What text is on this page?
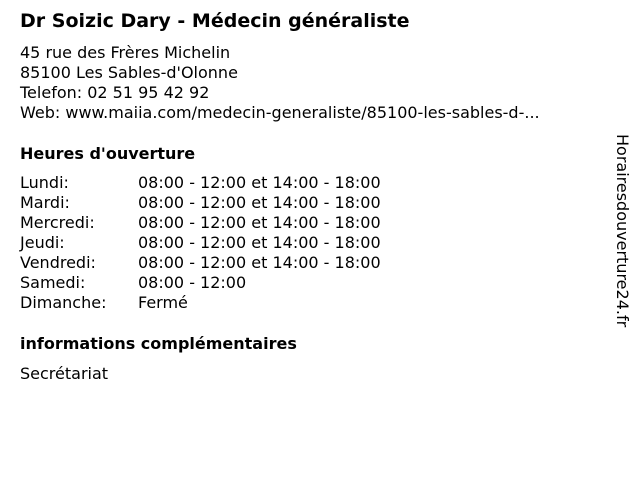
Dr Soizic Dary - Médecin généraliste
45 rue des Frères Michelin
85100 Les Sables-d'Olonne
Telefon: 02 51 95 42 92
Web: www.maiia.com/medecin-generaliste/85100-les-sables-d-...
Heures d'ouverture
Lundi:	08:00 - 12:00 et 14:00 - 18:00
Mardi:	08:00 - 12:00 et 14:00 - 18:00
Mercredi:	08:00 - 12:00 et 14:00 - 18:00
Jeudi:	08:00 - 12:00 et 14:00 - 18:00
Vendredi:	08:00 - 12:00 et 14:00 - 18:00
Samedi:	08:00 - 12:00
Dimanche:	Fermé
informations complémentaires
Secrétariat
Horairesdouverture24.fr
